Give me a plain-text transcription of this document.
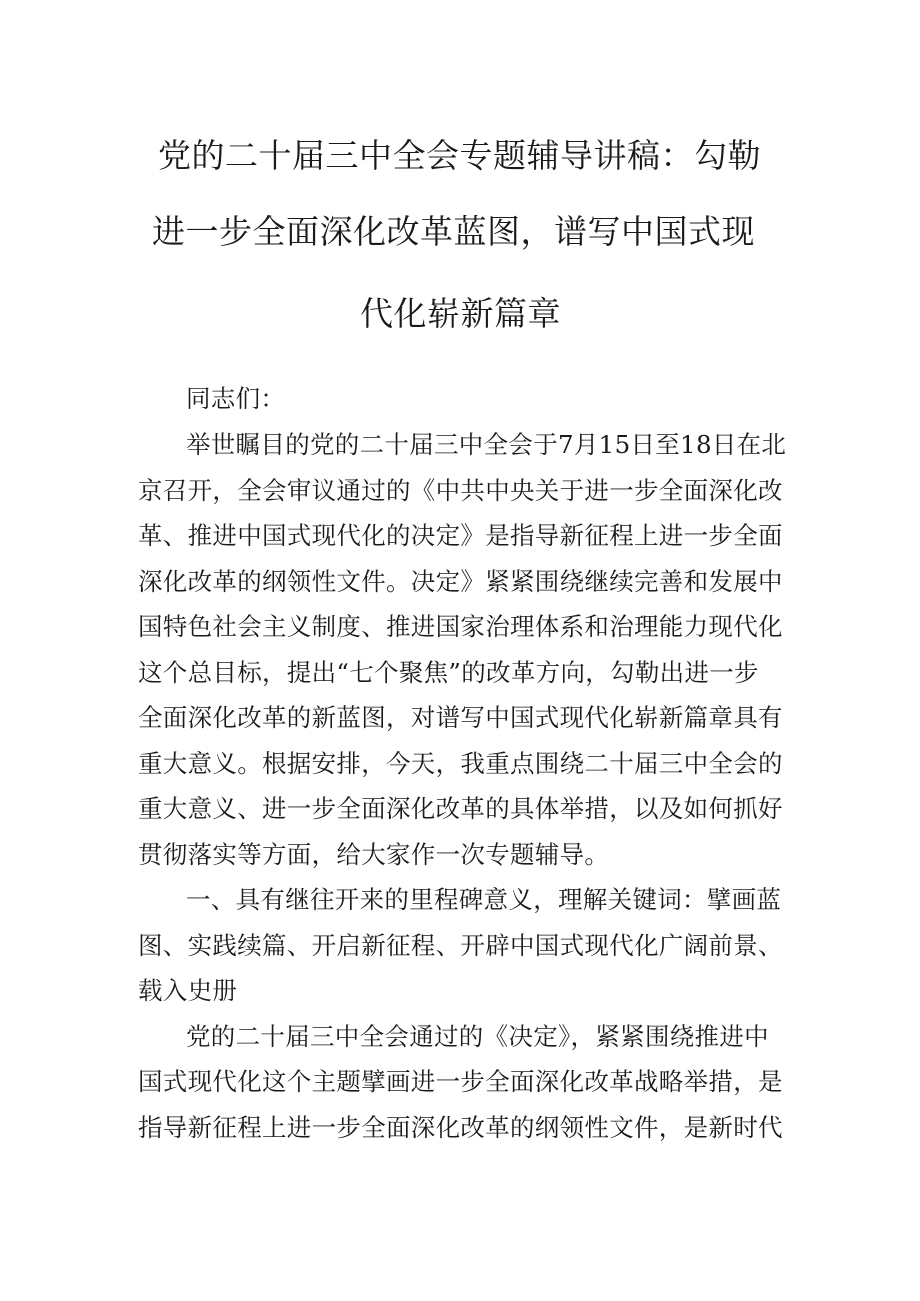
党的二十届三中全会专题辅导讲稿：勾勒
进一步全面深化改革蓝图，谱写中国式现
代化崭新篇章
同志们：
举世瞩目的党的二十届三中全会于7月15日至18日在北
京召开，全会审议通过的《中共中央关于进一步全面深化改
革、推进中国式现代化的决定》是指导新征程上进一步全面
深化改革的纲领性文件。决定》紧紧围绕继续完善和发展中
国特色社会主义制度、推进国家治理体系和治理能力现代化
这个总目标，提出“七个聚焦”的改革方向，勾勒出进一步
全面深化改革的新蓝图，对谱写中国式现代化崭新篇章具有
重大意义。根据安排，今天，我重点围绕二十届三中全会的
重大意义、进一步全面深化改革的具体举措，以及如何抓好
贯彻落实等方面，给大家作一次专题辅导。
一、具有继往开来的里程碑意义，理解关键词：擘画蓝
图、实践续篇、开启新征程、开辟中国式现代化广阔前景、
载入史册
党的二十届三中全会通过的《决定》，紧紧围绕推进中
国式现代化这个主题擘画进一步全面深化改革战略举措，是
指导新征程上进一步全面深化改革的纲领性文件，是新时代
